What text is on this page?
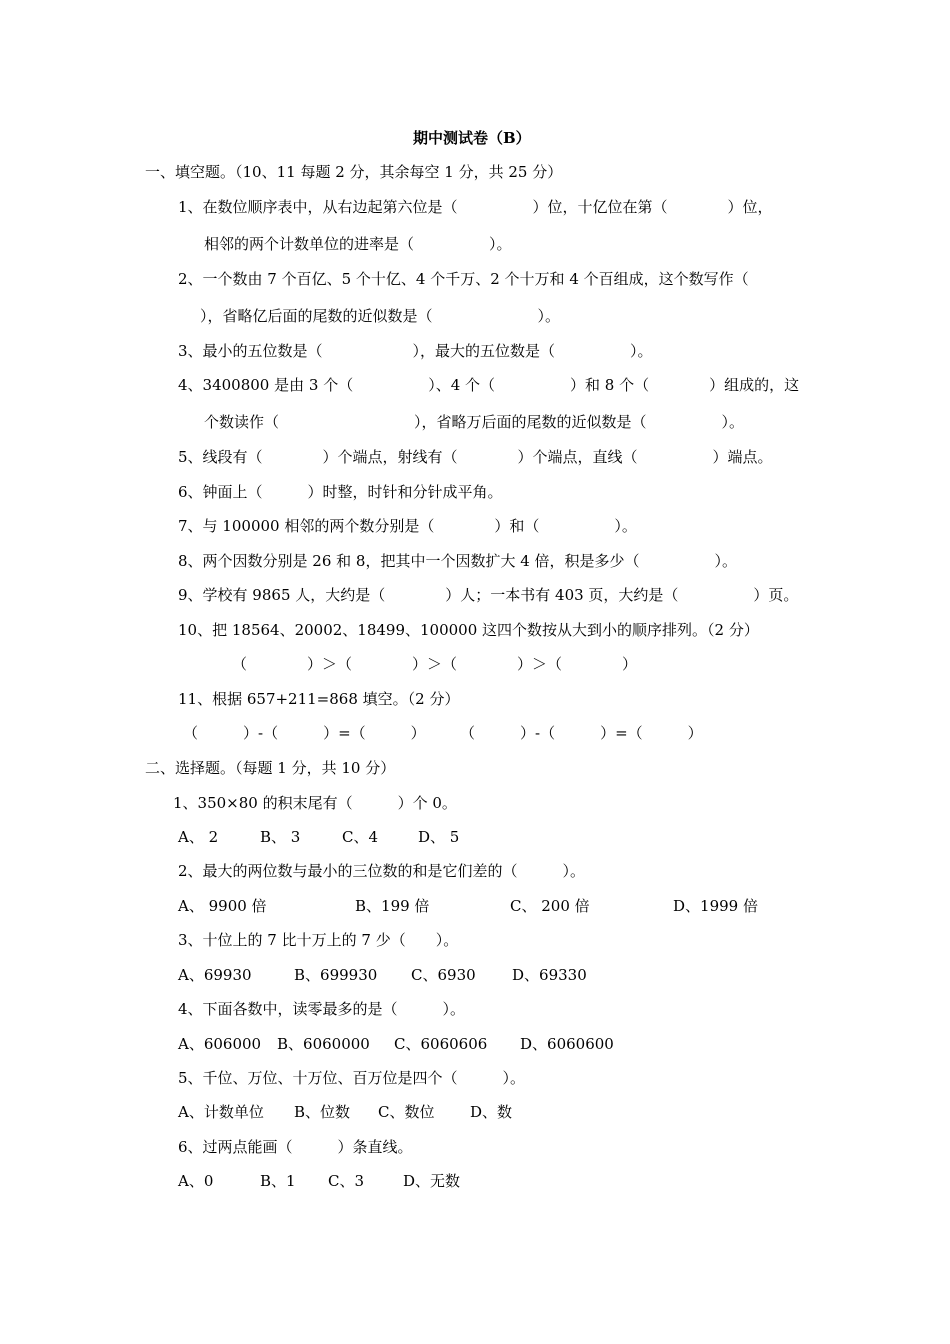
期中测试卷（B）
一、填空题。（10、11 每题 2 分，其余每空 1 分，共 25 分）
1、在数位顺序表中，从右边起第六位是（　　　　　）位，十亿位在第（　　　　）位，
相邻的两个计数单位的进率是（　　　　　）。
2、一个数由 7 个百亿、5 个十亿、4 个千万、2 个十万和 4 个百组成，这个数写作（
），省略亿后面的尾数的近似数是（　　　　　　　）。
3、最小的五位数是（　　　　　　），最大的五位数是（　　　　　）。
4、3400800 是由 3 个（　　　　　）、4 个（　　　　　）和 8 个（　　　　）组成的，这
个数读作（　　　　　　　　　），省略万后面的尾数的近似数是（　　　　　）。
5、线段有（　　　　）个端点，射线有（　　　　）个端点，直线（　　　　　）端点。
6、钟面上（　　　）时整，时针和分针成平角。
7、与 100000 相邻的两个数分别是（　　　　）和（　　　　　）。
8、两个因数分别是 26 和 8，把其中一个因数扩大 4 倍，积是多少（　　　　　）。
9、学校有 9865 人，大约是（　　　　）人；一本书有 403 页，大约是（　　　　　）页。
10、把 18564、20002、18499、100000 这四个数按从大到小的顺序排列。（2 分）
（　　　　）＞（　　　　）＞（　　　　）＞（　　　　）
11、根据 657+211=868 填空。（2 分）
（　　　）-（　　　）=（　　　） （　　　）-（　　　）=（　　　）
二、选择题。（每题 1 分，共 10 分）
1、350×80 的积末尾有（　　　）个 0。
A、 2	B、 3	C、4	D、 5
2、最大的两位数与最小的三位数的和是它们差的（　　　）。
A、 9900 倍	B、199 倍	C、 200 倍	D、1999 倍
3、十位上的 7 比十万上的 7 少（　　）。
A、69930	B、699930 C、6930 D、69330
4、下面各数中，读零最多的是（　　　）。
A、606000 B、6060000 C、6060606 D、6060600
5、千位、万位、十万位、百万位是四个（　　　）。
A、计数单位 B、位数 C、数位 D、数
6、过两点能画（　　　）条直线。
A、0	B、1 C、3	D、无数
